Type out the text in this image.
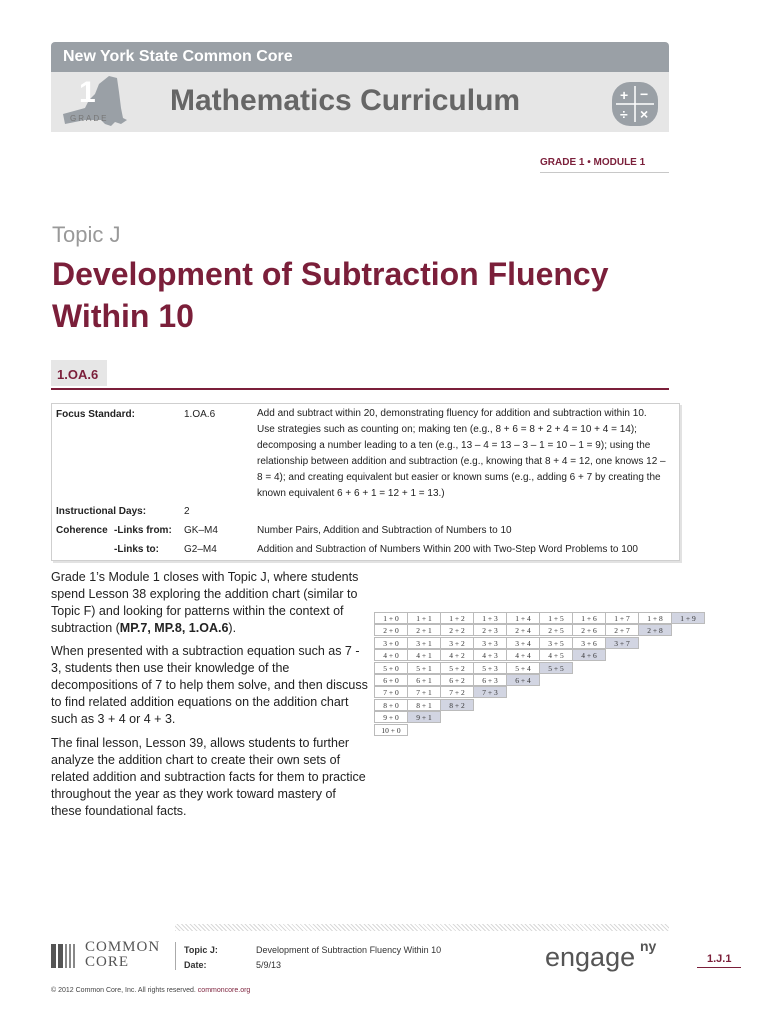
New York State Common Core
1
GRADE
Mathematics Curriculum	+ −
÷ ×
GRADE 1 • MODULE 1
Topic J
Development of Subtraction Fluency Within 10
1.OA.6
Focus Standard:	1.OA.6	Add and subtract within 20, demonstrating fluency for addition and subtraction within 10. Use strategies such as counting on; making ten (e.g., 8 + 6 = 8 + 2 + 4 = 10 + 4 = 14); decomposing a number leading to a ten (e.g., 13 – 4 = 13 – 3 – 1 = 10 – 1 = 9); using the relationship between addition and subtraction (e.g., knowing that 8 + 4 = 12, one knows 12 – 8 = 4); and creating equivalent but easier or known sums (e.g., adding 6 + 7 by creating the known equivalent 6 + 6 + 1 = 12 + 1 = 13.)
Instructional Days:	2
Coherence -Links from: GK–M4	Number Pairs, Addition and Subtraction of Numbers to 10
-Links to:	G2–M4	Addition and Subtraction of Numbers Within 200 with Two-Step Word Problems to 100
Grade 1’s Module 1 closes with Topic J, where students spend Lesson 38 exploring the addition chart (similar to Topic F) and looking for patterns within the context of subtraction (MP.7, MP.8, 1.OA.6).
When presented with a subtraction equation such as 7 - 3, students then use their knowledge of the decompositions of 7 to help them solve, and then discuss to find related addition equations on the addition chart such as 3 + 4 or 4 + 3.
The final lesson, Lesson 39, allows students to further analyze the addition chart to create their own sets of related addition and subtraction facts for them to practice throughout the year as they work toward mastery of these foundational facts.
1 + 0	1 + 1	1 + 2	1 + 3	1 + 4	1 + 5	1 + 6	1 + 7	1 + 8	1 + 9
2 + 0	2 + 1	2 + 2	2 + 3	2 + 4	2 + 5	2 + 6	2 + 7	2 + 8
3 + 0	3 + 1	3 + 2	3 + 3	3 + 4	3 + 5	3 + 6	3 + 7
4 + 0	4 + 1	4 + 2	4 + 3	4 + 4	4 + 5	4 + 6
5 + 0	5 + 1	5 + 2	5 + 3	5 + 4	5 + 5
6 + 0	6 + 1	6 + 2	6 + 3	6 + 4
7 + 0	7 + 1	7 + 2	7 + 3
8 + 0	8 + 1	8 + 2
9 + 0	9 + 1
10 + 0
COMMON
CORE
Topic J:	Development of Subtraction Fluency Within 10
Date:	5/9/13	engage ny
1.J.1
© 2012 Common Core, Inc. All rights reserved. commoncore.org
